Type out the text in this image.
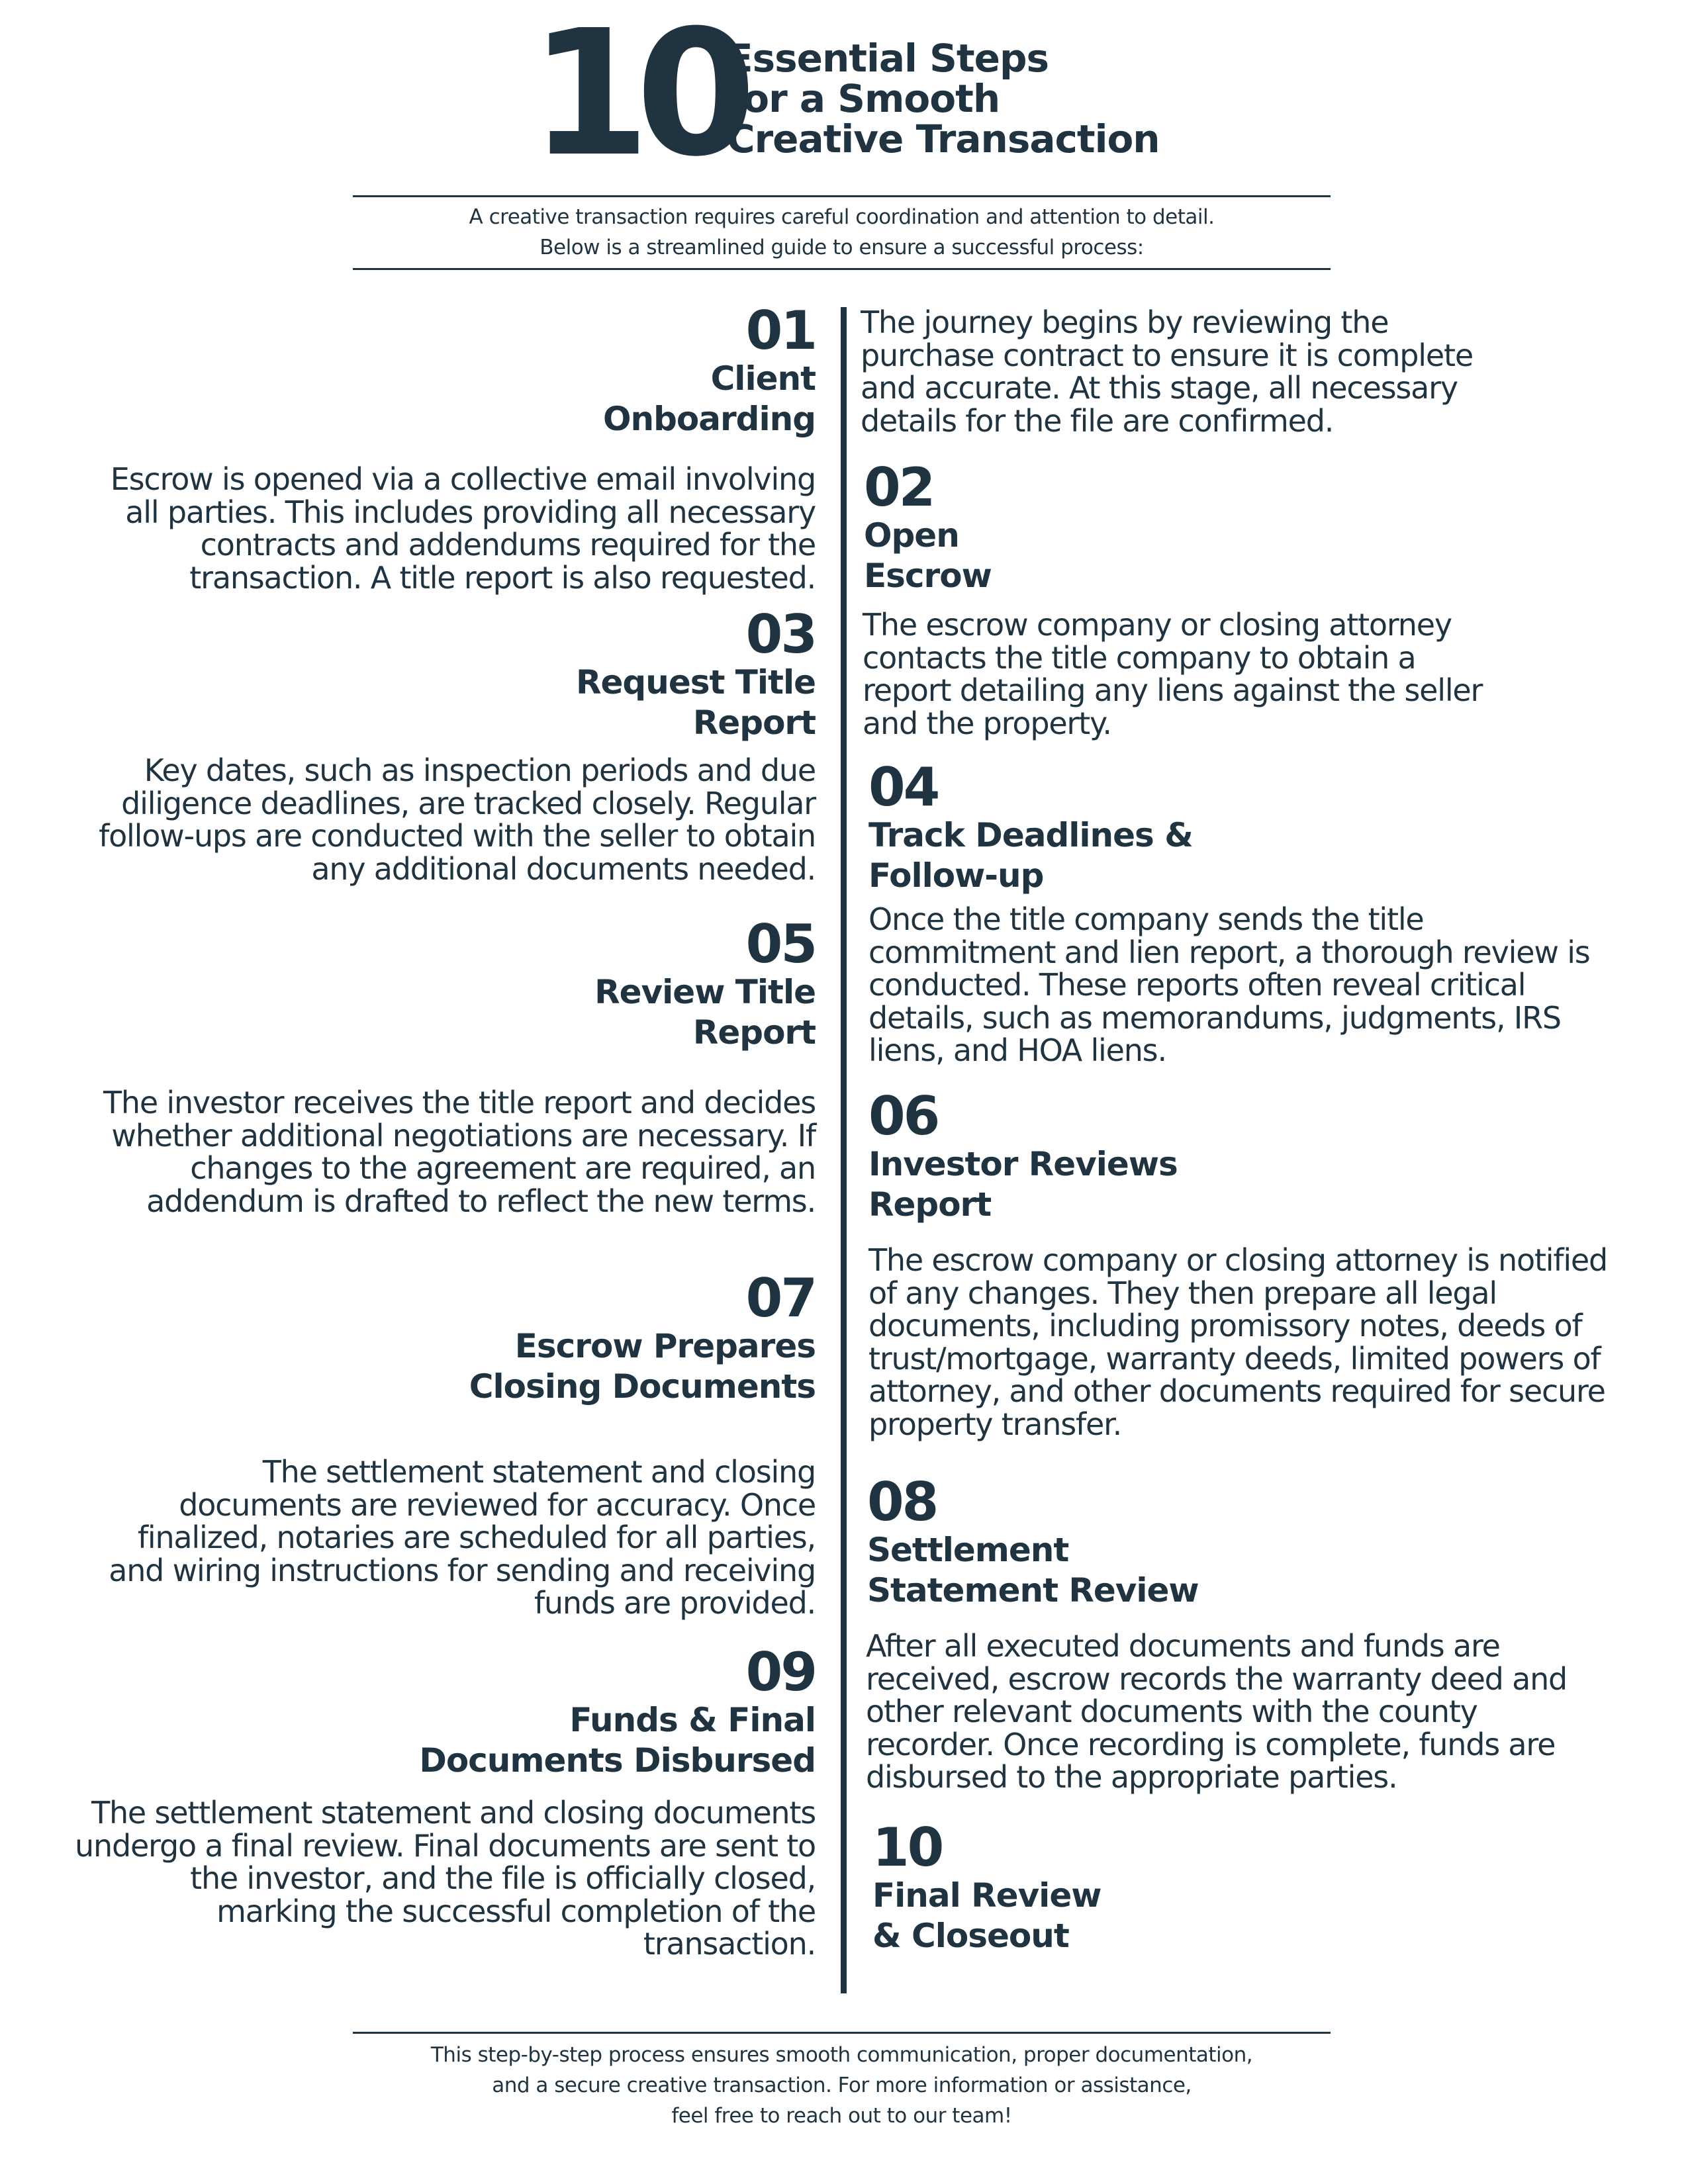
10
Essential Steps
for a Smooth
Creative Transaction
A creative transaction requires careful coordination and attention to detail.
Below is a streamlined guide to ensure a successful process:
01
Client
Onboarding
The journey begins by reviewing the
purchase contract to ensure it is complete
and accurate. At this stage, all necessary
details for the file are confirmed.
Escrow is opened via a collective email involving
all parties. This includes providing all necessary
contracts and addendums required for the
transaction. A title report is also requested.
02
Open
Escrow
03
Request Title
Report
The escrow company or closing attorney
contacts the title company to obtain a
report detailing any liens against the seller
and the property.
Key dates, such as inspection periods and due
diligence deadlines, are tracked closely. Regular
follow-ups are conducted with the seller to obtain
any additional documents needed.
04
Track Deadlines &
Follow-up
05
Review Title
Report
Once the title company sends the title
commitment and lien report, a thorough review is
conducted. These reports often reveal critical
details, such as memorandums, judgments, IRS
liens, and HOA liens.
The investor receives the title report and decides
whether additional negotiations are necessary. If
changes to the agreement are required, an
addendum is drafted to reflect the new terms.
06
Investor Reviews
Report
07
Escrow Prepares
Closing Documents
The escrow company or closing attorney is notified
of any changes. They then prepare all legal
documents, including promissory notes, deeds of
trust/mortgage, warranty deeds, limited powers of
attorney, and other documents required for secure
property transfer.
The settlement statement and closing
documents are reviewed for accuracy. Once
finalized, notaries are scheduled for all parties,
and wiring instructions for sending and receiving
funds are provided.
08
Settlement
Statement Review
09
Funds & Final
Documents Disbursed
After all executed documents and funds are
received, escrow records the warranty deed and
other relevant documents with the county
recorder. Once recording is complete, funds are
disbursed to the appropriate parties.
The settlement statement and closing documents
undergo a final review. Final documents are sent to
the investor, and the file is officially closed,
marking the successful completion of the
transaction.
10
Final Review
& Closeout
This step-by-step process ensures smooth communication, proper documentation,
and a secure creative transaction. For more information or assistance,
feel free to reach out to our team!
